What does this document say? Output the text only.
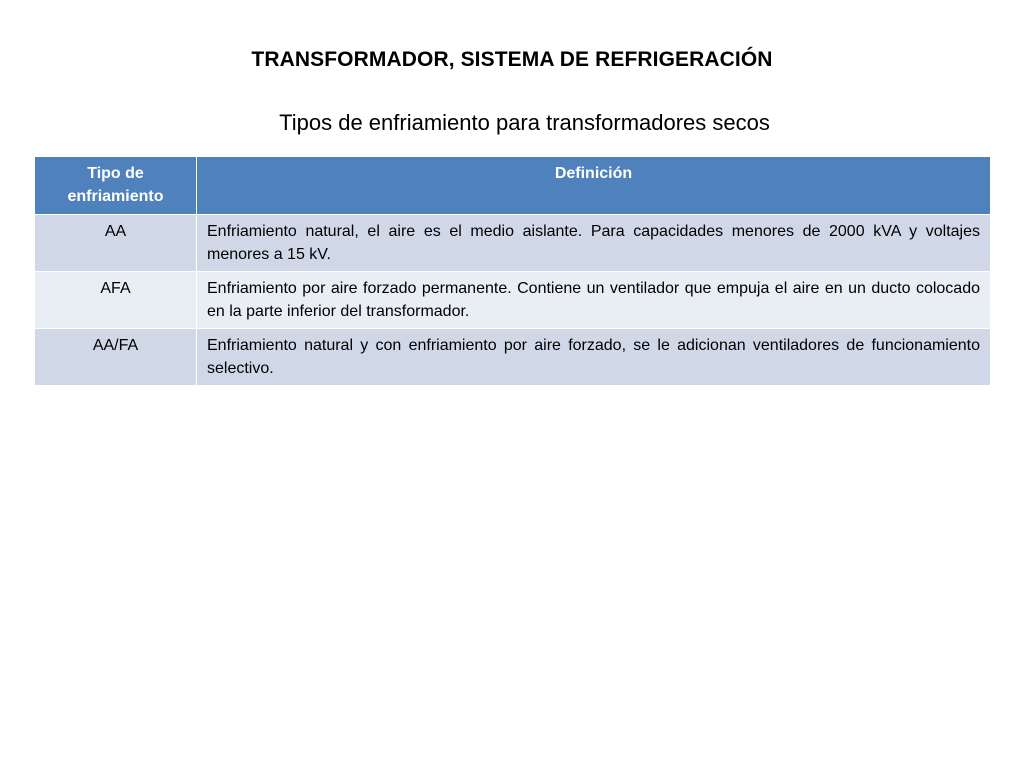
TRANSFORMADOR, SISTEMA DE REFRIGERACIÓN
Tipos de enfriamiento para transformadores secos
Tipo de enfriamiento	Definición
AA	Enfriamiento natural, el aire es el medio aislante. Para capacidades menores de 2000 kVA y voltajes menores a 15 kV.
AFA	Enfriamiento por aire forzado permanente. Contiene un ventilador que empuja el aire en un ducto colocado en la parte inferior del transformador.
AA/FA	Enfriamiento natural y con enfriamiento por aire forzado, se le adicionan ventiladores de funcionamiento selectivo.
